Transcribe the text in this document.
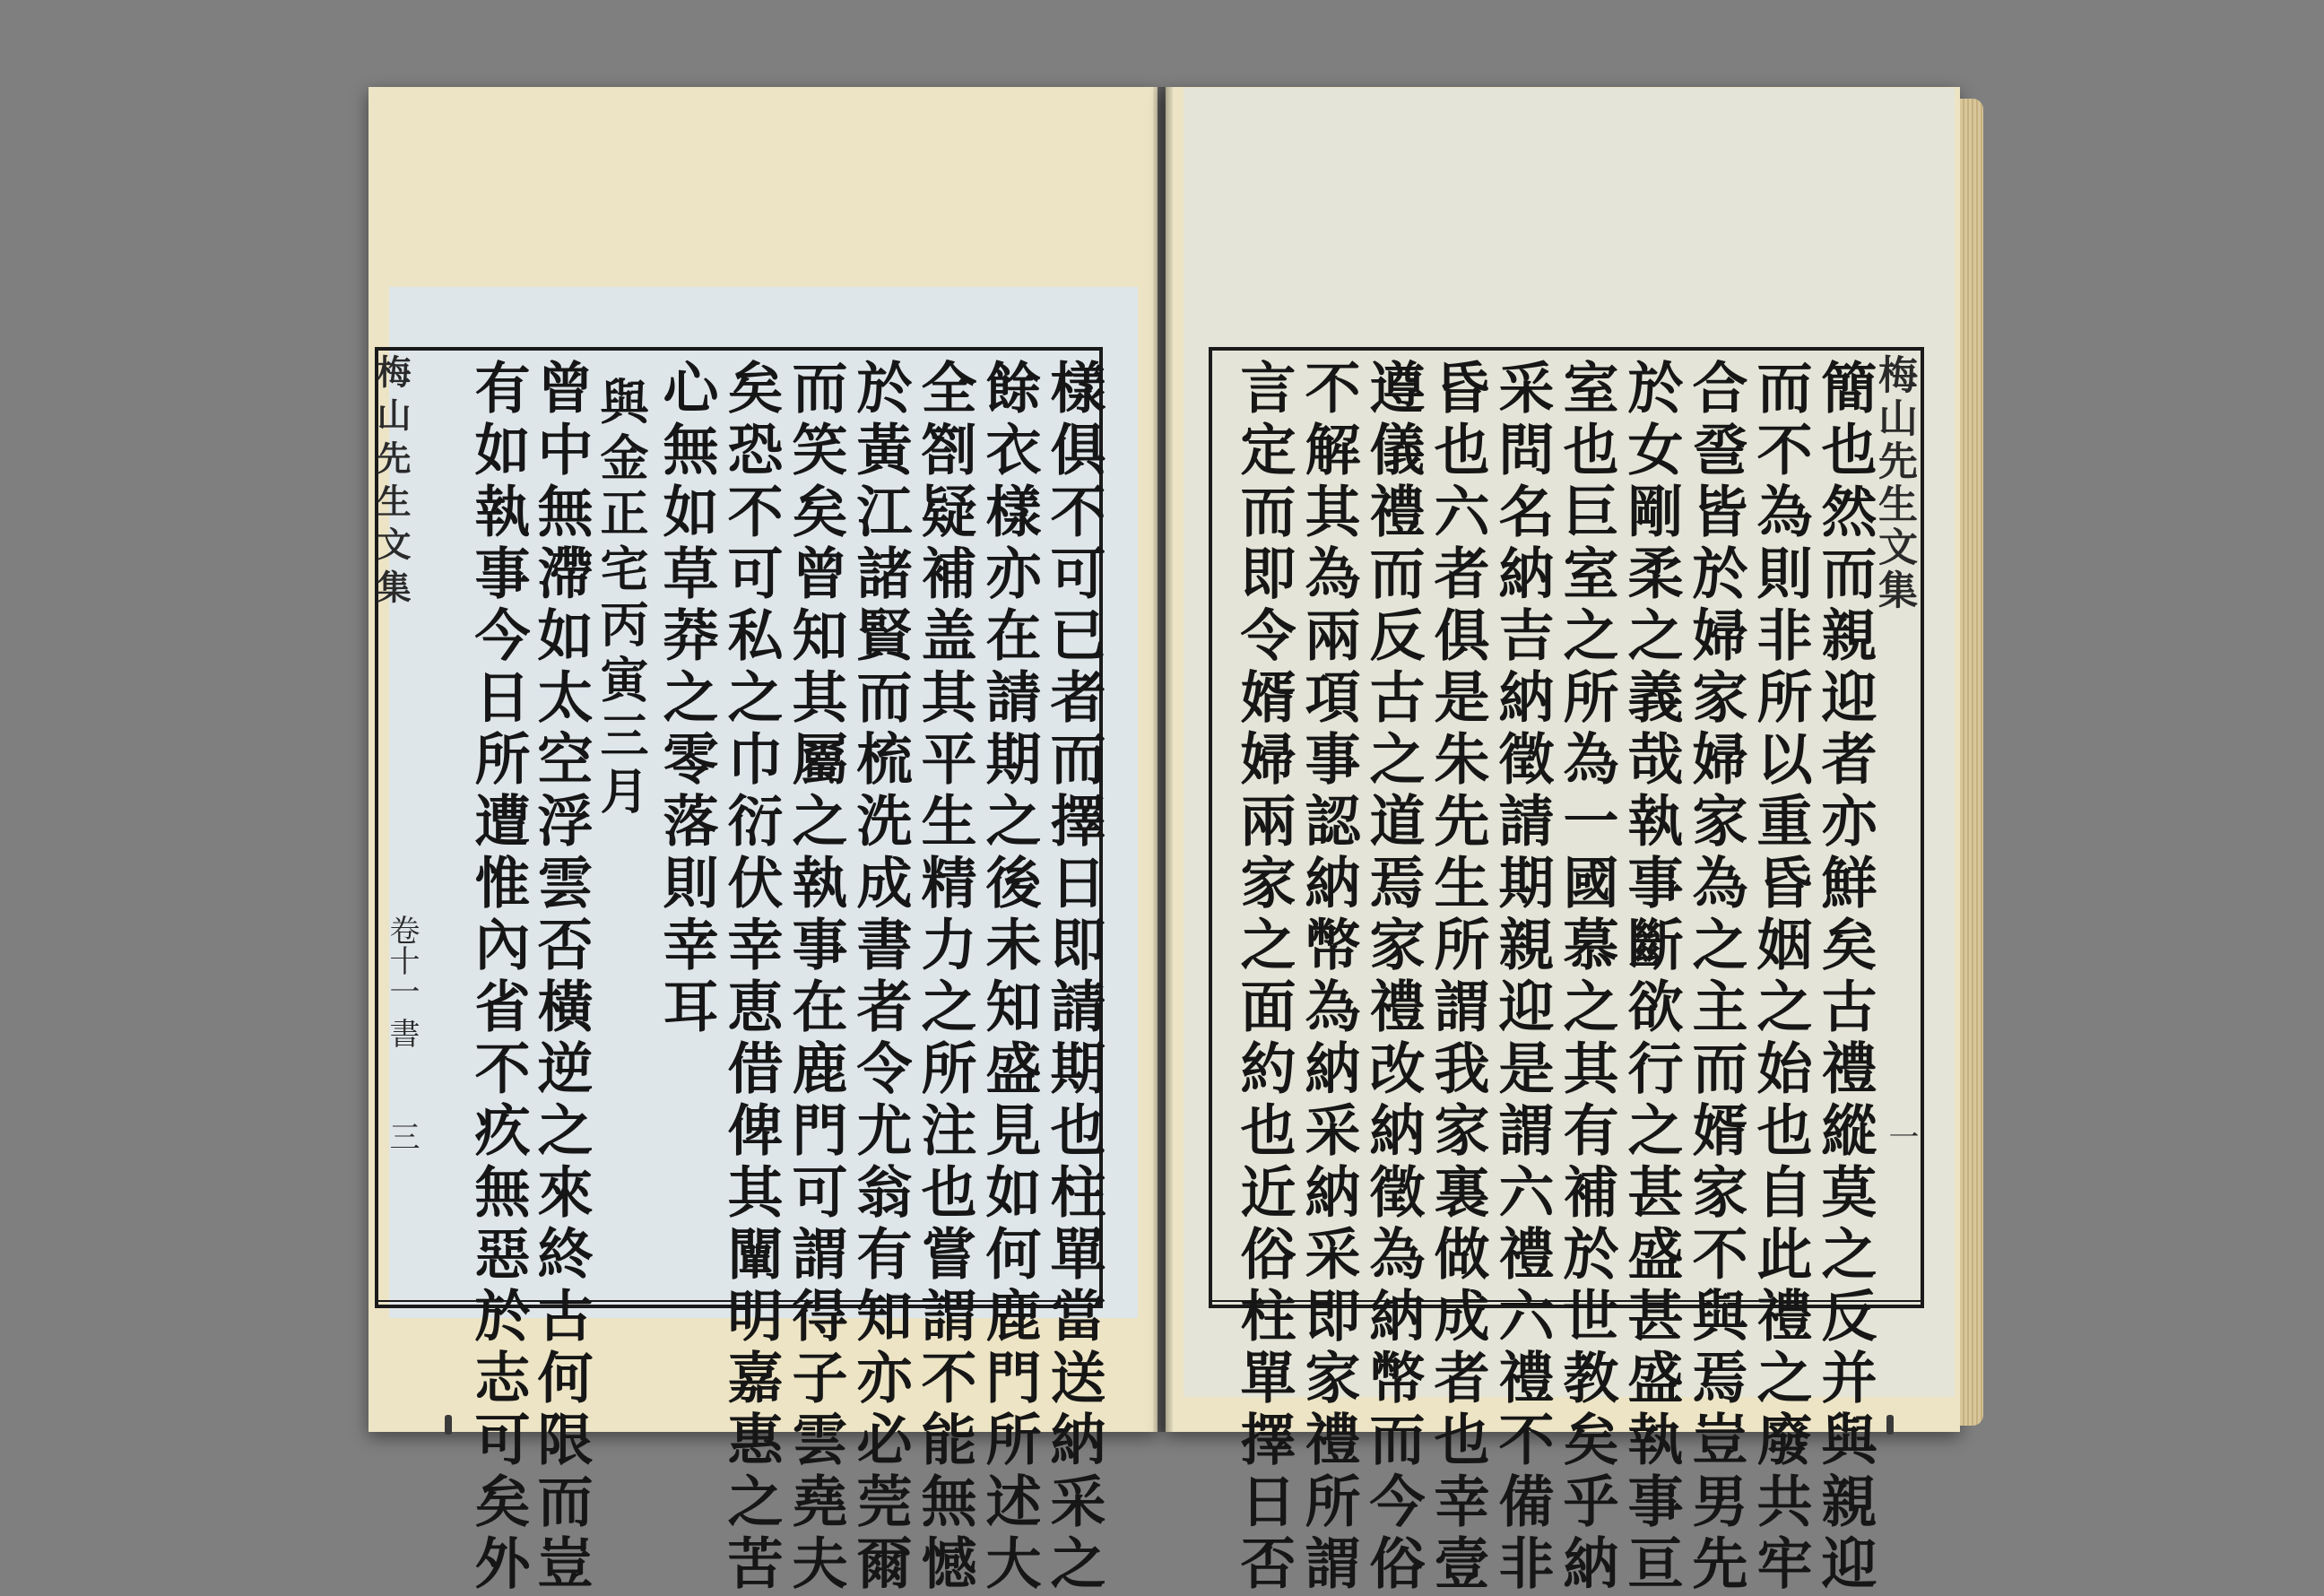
梅山先生文集
卷十一
書
三
梅山先生文集
一
樣俱不可已者而擇日即請期也柱單當送納采之
餘衣樣亦在請期之後未知盛見如何鹿門所述大
全劄疑補盖其平生精力之所注也嘗謂不能無憾
於黃江諸賢而梳洗成書者令尤翁有知亦必莞爾
而笑矣曾知其屬之執事在鹿門可謂得子雲堯夫
矣恐不可私之巾衍伏幸恵借俾其闡明嘉惠之苦
心無如草莽之零落則幸耳
與金正宅丙寅三月
曾中無滯如太空浮雲否橫逆之來終古何限而豈
有如執事今日所遭惟內省不疚無惡於志可矣外	簡也然而親迎者亦鮮矣古禮縱莫之反并與親迎
而不為則非所以重昏姻之始也自此禮之廢共牢
合巹皆於婦家婦家為之主而婿家不與焉豈男先
於女剛柔之義哉執事斷欲行之甚盛甚盛執事亘
室也巨室之所為一國慕之其有補於世教矣乎納
采問名納吉納徵請期親迎是謂六禮六禮不備非
昏也六者俱是朱先生所謂我家裏做成者也幸壹
遵儀禮而反古之道焉家禮改納徵為納幣而今俗
不解其為兩項事認納幣為納采納采即家禮所謂
言定而即令婿婦兩家之面約也近俗柱單擇日否
